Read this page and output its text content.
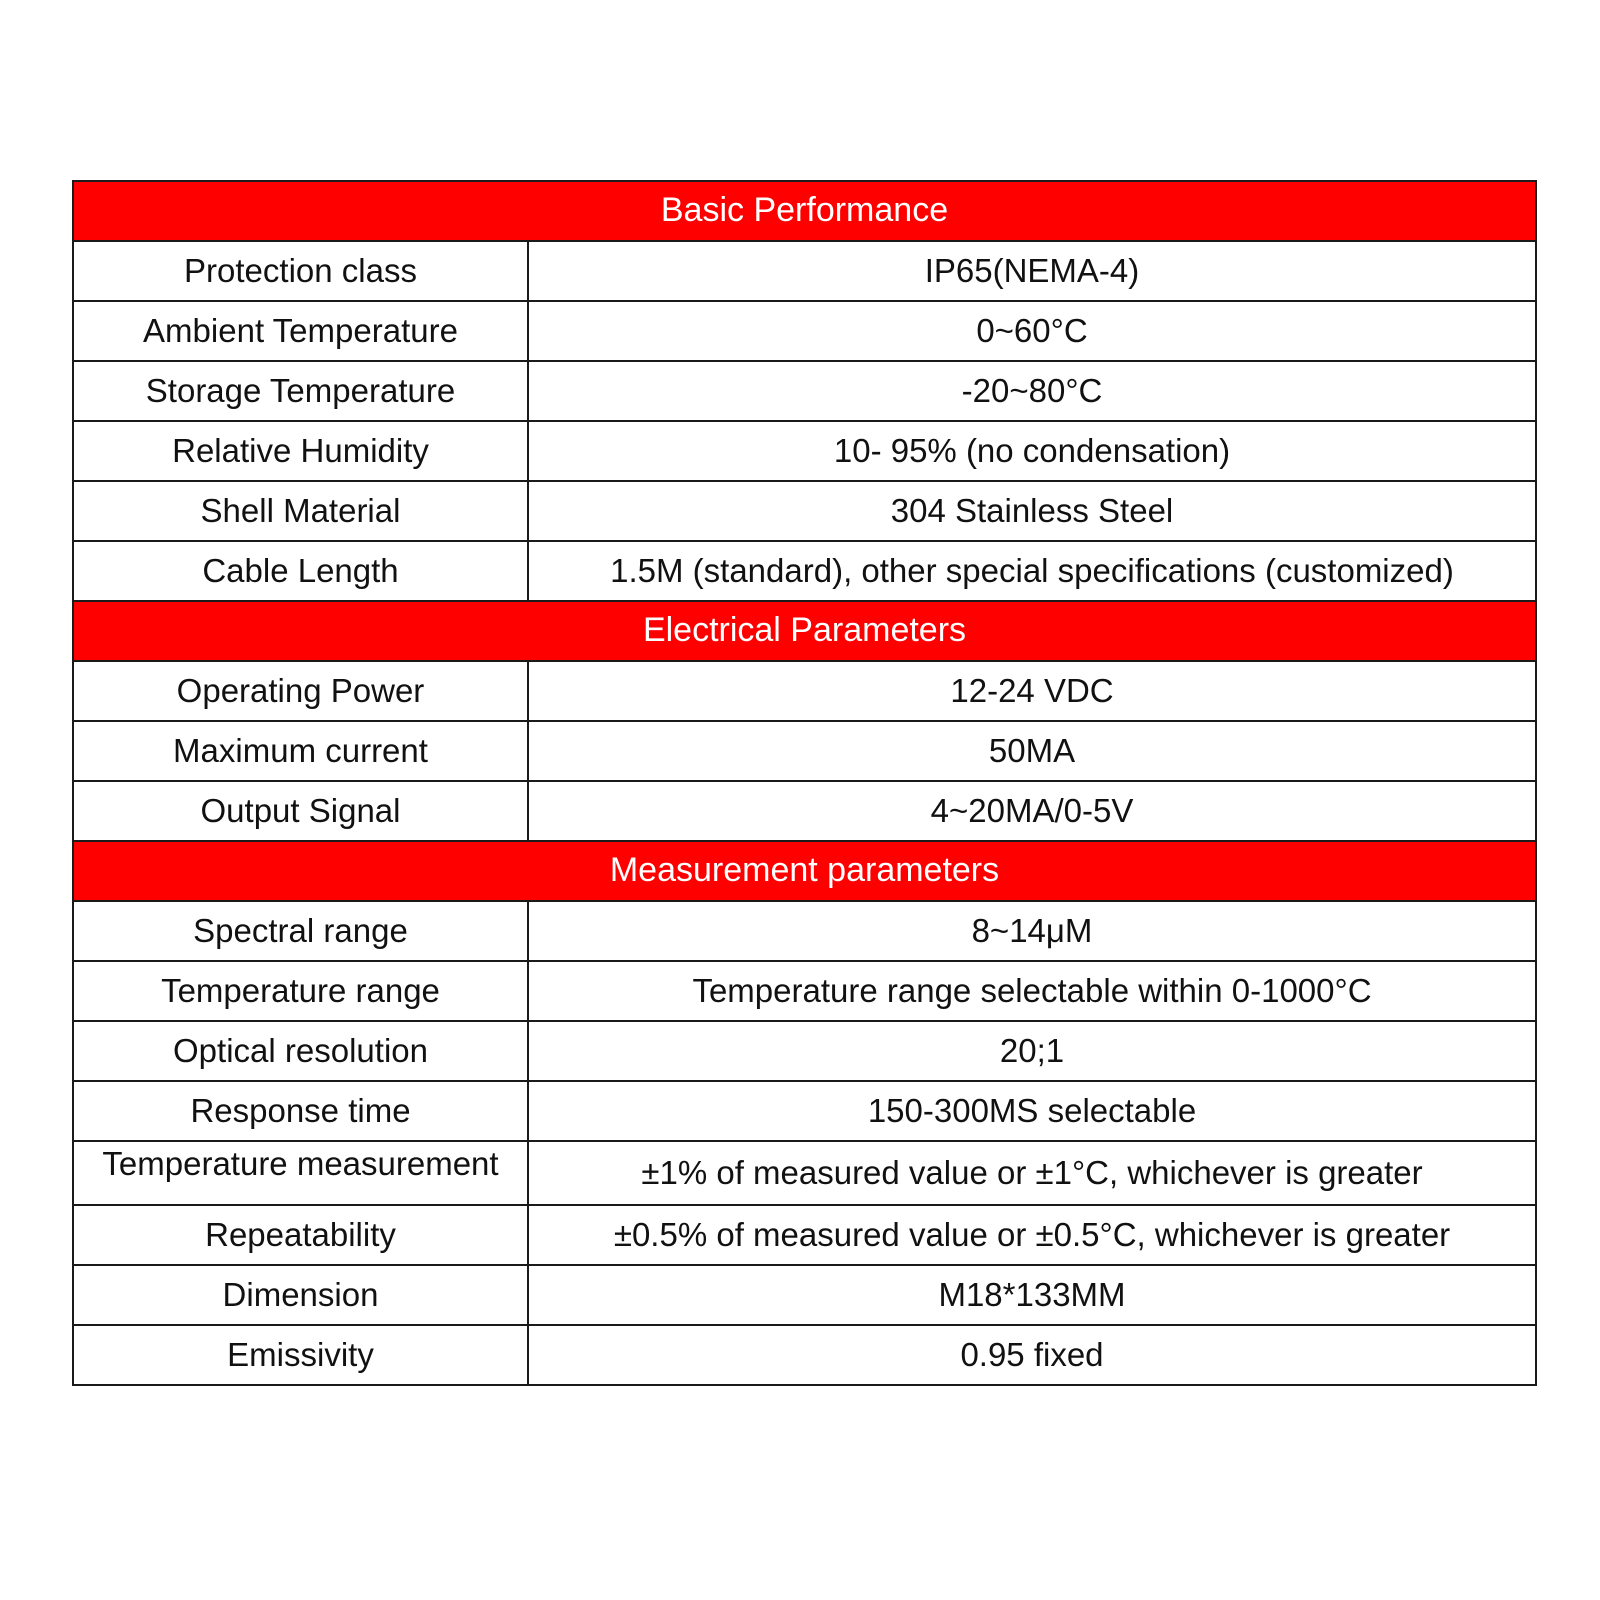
Basic Performance	
Protection class	IP65(NEMA-4)
Ambient Temperature	0~60°C
Storage Temperature	-20~80°C
Relative Humidity	10- 95% (no condensation)
Shell Material	304 Stainless Steel
Cable Length	1.5M (standard), other special specifications (customized)
Electrical Parameters	
Operating Power	12-24 VDC
Maximum current	50MA
Output Signal	4~20MA/0-5V
Measurement parameters	
Spectral range	8~14μM
Temperature range	Temperature range selectable within 0-1000°C
Optical resolution	20;1
Response time	150-300MS selectable
Temperature measurement	±1% of measured value or ±1°C, whichever is greater
Repeatability	±0.5% of measured value or ±0.5°C, whichever is greater
Dimension	M18*133MM
Emissivity	0.95 fixed
